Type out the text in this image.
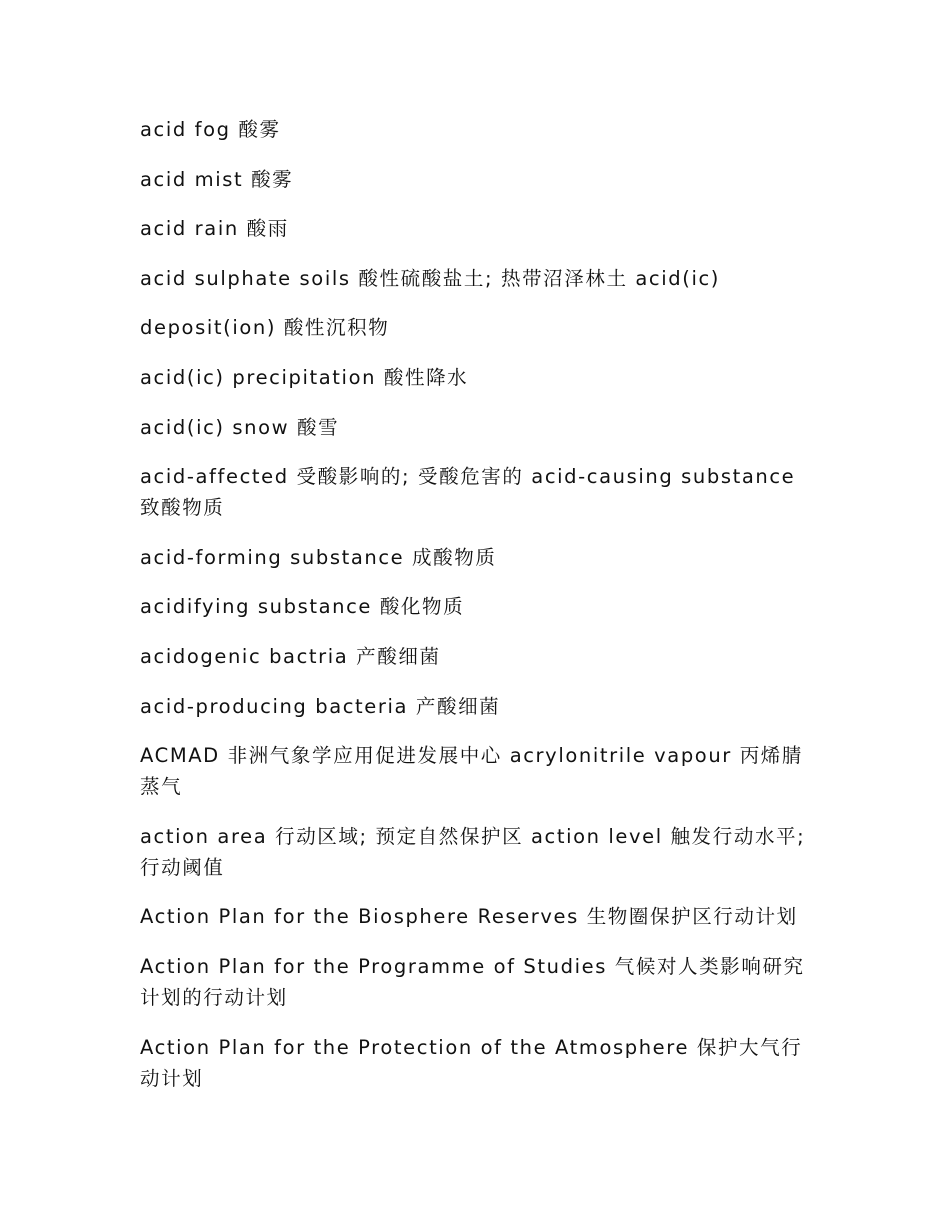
acid fog 酸雾
acid mist 酸雾
acid rain 酸雨
acid sulphate soils 酸性硫酸盐土; 热带沼泽林土 acid(ic)
deposit(ion) 酸性沉积物
acid(ic) precipitation 酸性降水
acid(ic) snow 酸雪
acid-affected 受酸影响的; 受酸危害的 acid-causing substance 致酸物质
acid-forming substance 成酸物质
acidifying substance 酸化物质
acidogenic bactria 产酸细菌
acid-producing bacteria 产酸细菌
ACMAD 非洲气象学应用促进发展中心 acrylonitrile vapour 丙烯腈蒸气
action area 行动区域; 预定自然保护区 action level 触发行动水平; 行动阈值
Action Plan for the Biosphere Reserves 生物圈保护区行动计划
Action Plan for the Programme of Studies 气候对人类影响研究计划的行动计划
Action Plan for the Protection of the Atmosphere 保护大气行动计划
